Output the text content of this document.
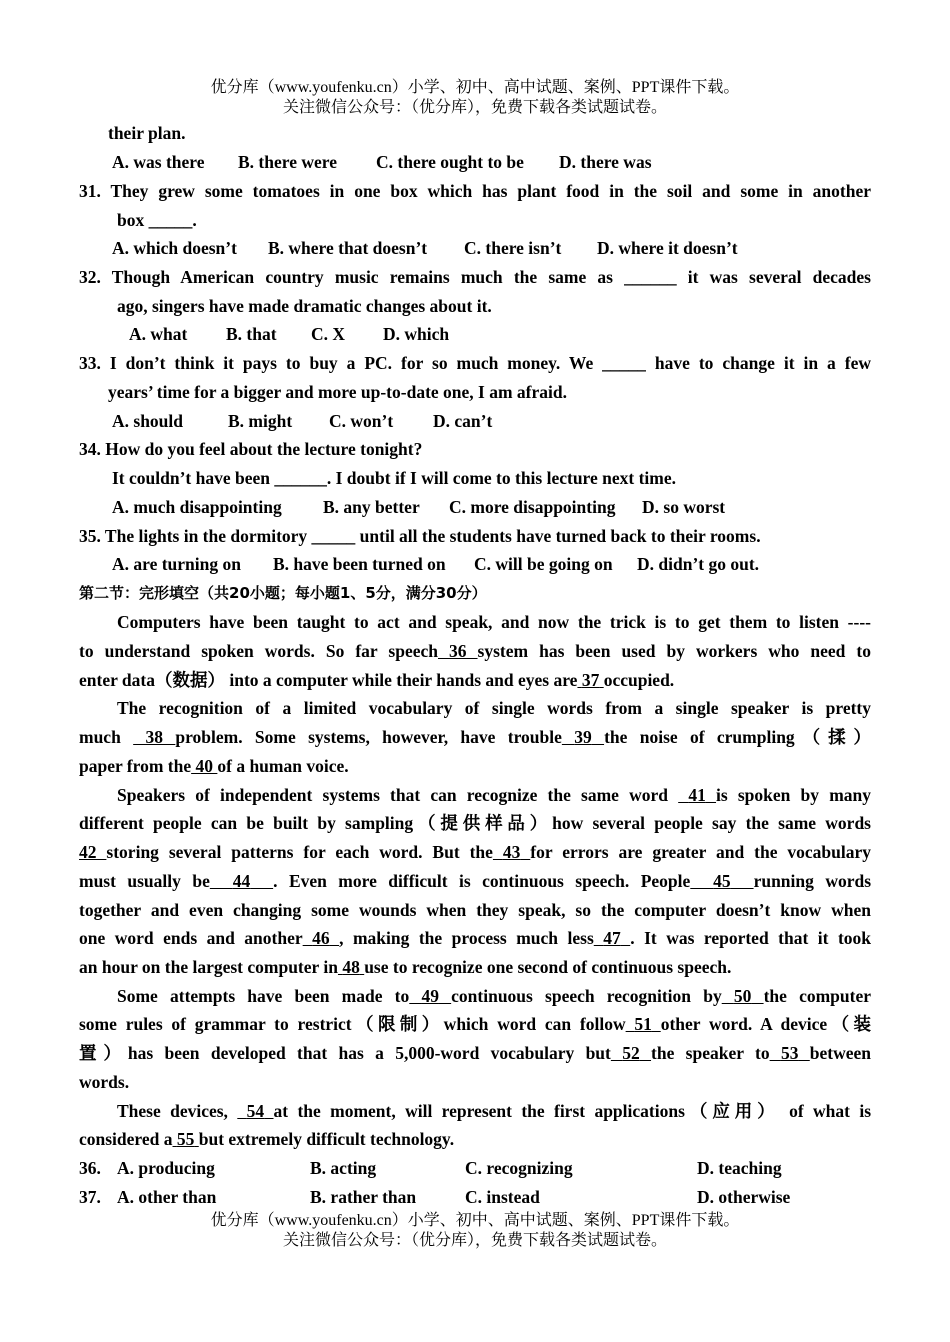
优分库（www.youfenku.cn）小学、初中、高中试题、案例、PPT课件下载。
关注微信公众号：（优分库），免费下载各类试题试卷。
their plan.
A. was there B. there were C. there ought to be D. there was
31. They grew some tomatoes in one box which has plant food in the soil and some in another
box _____.
A. which doesn’t B. where that doesn’t C. there isn’t D. where it doesn’t
32. Though American country music remains much the same as ______ it was several decades
ago, singers have made dramatic changes about it.
A. what B. that C. X D. which
33. I don’t think it pays to buy a PC. for so much money. We _____ have to change it in a few
years’ time for a bigger and more up-to-date one, I am afraid.
A. should	B. might C. won’t D. can’t
34. How do you feel about the lecture tonight?
It couldn’t have been ______. I doubt if I will come to this lecture next time.
A. much disappointing B. any better C. more disappointing D. so worst
35. The lights in the dormitory _____ until all the students have turned back to their rooms.
A. are turning on B. have been turned on C. will be going on D. didn’t go out.
第二节：完形填空（共20小题；每小题1、5分，满分30分）
Computers have been taught to act and speak, and now the trick is to get them to listen ----
to understand spoken words. So far speech 36 system has been used by workers who need to
enter data（数据） into a computer while their hands and eyes are 37 occupied.
The recognition of a limited vocabulary of single words from a single speaker is pretty
much 38 problem. Some systems, however, have trouble 39 the noise of crumpling（揉）
paper from the 40 of a human voice.
Speakers of independent systems that can recognize the same word 41 is spoken by many
different people can be built by sampling（提供样品）how several people say the same words
42 storing several patterns for each word. But the 43 for errors are greater and the vocabulary
must usually be 44 . Even more difficult is continuous speech. People 45 running words
together and even changing some wounds when they speak, so the computer doesn’t know when
one word ends and another 46 , making the process much less 47 . It was reported that it took
an hour on the largest computer in 48 use to recognize one second of continuous speech.
Some attempts have been made to 49 continuous speech recognition by 50 the computer
some rules of grammar to restrict（限制）which word can follow 51 other word. A device（装
置）has been developed that has a 5,000-word vocabulary but 52 the speaker to 53 between
words.
These devices, 54 at the moment, will represent the first applications（应用） of what is
considered a 55 but extremely difficult technology.
36. A. producing	B. acting	C. recognizing	D. teaching
37. A. other than	B. rather than	C. instead	D. otherwise
优分库（www.youfenku.cn）小学、初中、高中试题、案例、PPT课件下载。
关注微信公众号：（优分库），免费下载各类试题试卷。
